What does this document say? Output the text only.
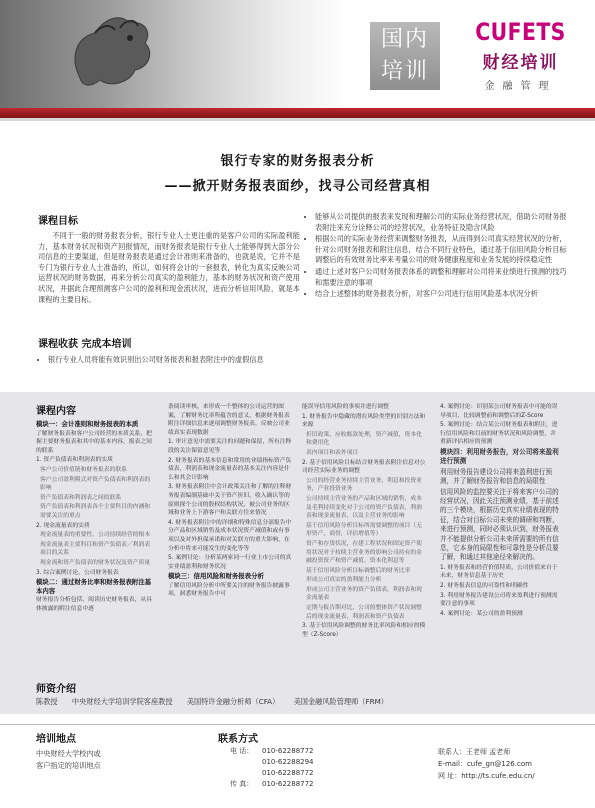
国内
培训
CUFETS
财经培训
金融管理
银行专家的财务报表分析
——掀开财务报表面纱，找寻公司经营真相
课程目标
不同于一般的财务报表分析，银行专业人士更注重的是客户公司的实际盈利能力，基本财务状况和资产回报情况，而财务报表是银行专业人士能够得到大部分公司信息的主要渠道，但是财务报表是通过会计准则来准备的，也就是说，它并不是专门为银行专业人士准备的，所以，如何将会计的一套报表，转化为真实反映公司运营状况的财务数据，再来分析公司真实的盈利能力，基本的财务状况和资产使用状况，并据此合理预测客户公司的盈利和现金流状况，进而分析信用风险，就是本课程的主要目标。
课程收获 完成本培训
• 银行专业人员将能有效识别出公司财务报表和报表附注中的虚假信息
• 能够从公司提供的报表来发现和理解公司的实际业务经营状况，借助公司财务报表附注来充分诠释公司的经营状况，业务特征及隐含风险
• 根据公司的实际业务经营来调整财务报表，从而得到公司真实经营状况的分析，针对公司财务报表和附注信息，结合不同行业特色，通过基于信用风险分析目标调整后的有效财务比率来考量公司的财务健康程度和业务发展的持续稳定性
• 通过上述对客户公司财务报表体系的调整和理解对公司将来业绩进行预测的技巧和需要注意的事项
• 结合上述整体的财务报表分析，对客户公司进行信用风险基本状况分析
课程内容

模块一：会计准则和财务报表的本质

了解财务报表和客户公司经营的本质关系，把握主要财务报表和其中的基本内容，报表之间的联系

1. 资产负债表和利润表的实质

客户公司价值链和财务报表的联系

客户公司盈利模式对资产负债表和利润表的影响

资产负债表和利润表之间的联系

资产负债表和利润表各个主要科目的内涵和需要关注的重点

2. 现金流量表的实质

现金流量表的重要性，公司持续经营的根本

现金流量表主要科目和资产负债表／利润表项目的关系

现金流和资产负债表的财务状况及资产质量

3. 综合案例讨论，公司财务报表

模块二：通过财务比率和财务报表附注基本内容

财务报告分析包括，阅读历史财务报表，从具体披露的附注信息中逐

条阅读审核，来形成一个整体的公司运营的图案，了解财务比率所蕴含的意义，根据财务报表附注详细信息来逐项调整财务报表，反映公司业绩真实表现数据

1. 审计意见中需要关注的问题和保留，所有注释段的关注保留意见等

2. 财务报表的基本信息和常用的业绩指标资产负债表，利润表和现金流量表的基本关注内容是什么和其会计影响

3. 财务报表附注中会计政策关注和了解的注释财务报表编制基础中关于资产折旧，收入确认等的原则探个公司的股权结构状况，被公司业务的区域和业务上下游客户和关联方往来情况

4. 财务报表附注中的详细和特殊信息分部报告中分产品和区域销售及成本状况资产减值和或有事项以及对外担保承诺和对关联方的重大影响，在分析中将来可能发生的变化等等

5. 案例讨论：分析某两家同一行业上市公司的真实业绩盈利和财务状况

模块三：信用风险和财务报表分析

了解信用风险分析中所要关注的财务报告披露事项，洞悉财务报告中可

能误导信用风险的事项并进行调整

1. 财务报告中隐藏的潜在风险类型的识别方法和来源

折旧政策，应收账款处理，资产减值，资本化和费用化

表内项目和表外项目

2. 基于信用风险目标结合财务报表附注信息对公司经营实际业务的调整

公司的经营业务持续主营业务，利息和投资业务，产业投资业务

公司持续主营业务的产品和区域的销售，成本及毛利持续变化对于公司的资产负债表，利润表和现金流量表，以及主营业务的影响

基于信用风险分析目标所需要调整的项目（无形资产，商誉，评估增值等）

资产和存货状况，在建工程状况和固定资产使用状况对于持续主营业务的影响公司持有的金融投资资产和资产减值，资本化利息等

基于信用风险分析目标调整后的财务比率

形成公司真实的盈利能力分析

形成公司主营业务的资产负债表，利润表和现金流量表

定期与报告期对比，公司的整体资产状况调整后的现金流量表，利润表和资产负债表

3. 基于信用风险调整的财务比率风险和相应的模型（Z-Score）

4. 案例讨论：识别某公司财务报表中可能的误导项目，比较调整前和调整后的Z-Score

5. 案例讨论：结合某公司财务报表和附注，进行信用风险和目前的财务状况和风险调整，并重新评估相应的预测

模块四：利用财务报告，对公司将来盈利进行预测

利用财务报告建设公司将来盈利进行预测，并了解财务报告和信息的局限性

信用风险的监控要关注于将来客户公司的经营状况，因此关注预测业绩，基于前述的三个模块，根据历史真实业绩表现的特征，结合对目标公司未来的调研和判断，来进行预测，同时必须认识到，财务报表并不能提供分析公司未来所需要的所有信息，它本身的局限性和可靠性是分析员要了解，和通过其他途径来解决的。

1. 财务报表和经营价值特质，公司价值来自于未来，财务信息基于历史

2. 财务报表信息的可靠性和明确性

3. 利用财务报告建设公司将来盈利进行预测需要注意的事项

4. 案例讨论：某公司的盈利预测

师资介绍
陈教授 中央财经大学培训学院客座教授 美国特许金融分析师（CFA） 美国金融风险管理师（FRM）
培训地点
中央财经大学校内或
客户指定的培训地点
联系方式
电 话： 010-62288772
010-62288294
010-62288772
传 真： 010-62288772
联系人：王老师 孟老师
E-mail：cufe_gn@126.com
网 址：http://ts.cufe.edu.cn/
